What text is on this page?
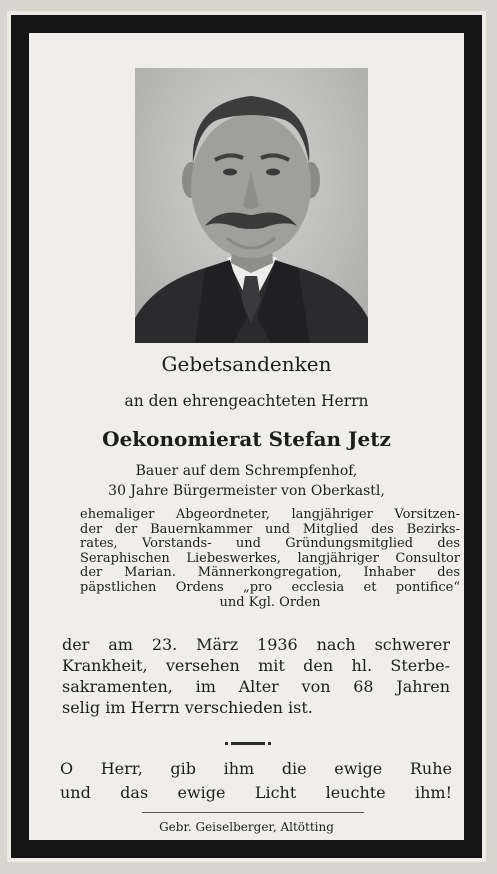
Gebetsandenken
an den ehrengeachteten Herrn
Oekonomierat Stefan Jetz
Bauer auf dem Schrempfenhof,
30 Jahre Bürgermeister von Oberkastl,
ehemaliger Abgeordneter, langjähriger Vorsitzen-
der der Bauernkammer und Mitglied des Bezirks-
rates, Vorstands- und Gründungsmitglied des
Seraphischen Liebeswerkes, langjähriger Consultor
der Marian. Männerkongregation, Inhaber des
päpstlichen Ordens „pro ecclesia et pontifice“
und Kgl. Orden
der am 23. März 1936 nach schwerer
Krankheit, versehen mit den hl. Sterbe-
sakramenten, im Alter von 68 Jahren
selig im Herrn verschieden ist.
O Herr, gib ihm die ewige Ruhe
und das ewige Licht leuchte ihm!
Gebr. Geiselberger, Altötting
